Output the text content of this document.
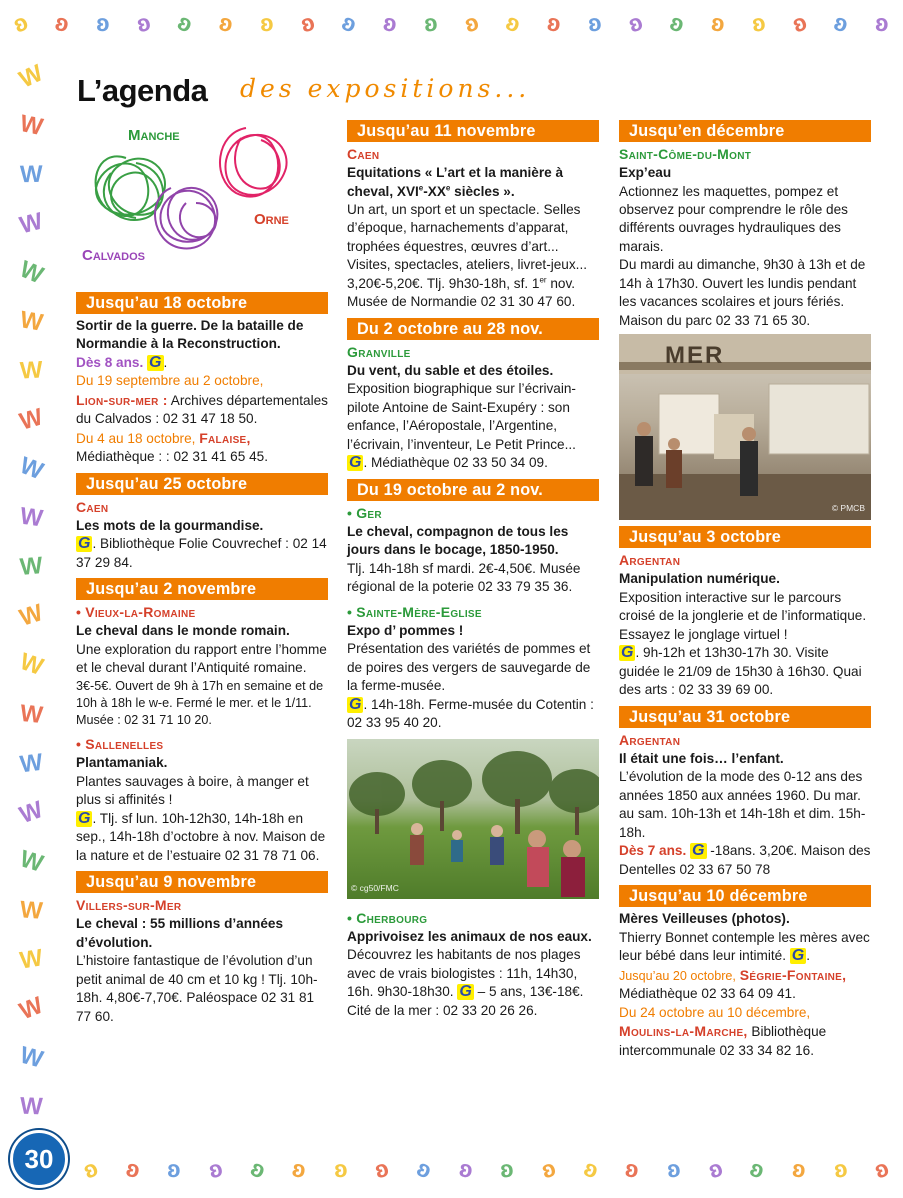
ʚ ʚ ʚ ʚ ʚ ʚ ʚ ʚ ʚ ʚ ʚ ʚ ʚ ʚ ʚ ʚ ʚ ʚ ʚ ʚ ʚ ʚ
ʚ ʚ ʚ ʚ ʚ ʚ ʚ ʚ ʚ ʚ ʚ ʚ ʚ ʚ ʚ ʚ ʚ ʚ ʚ ʚ
W
W
W
W
W
W
W
W
W
W
W
W
W
W
W
W
W
W
W
W
W
W
L’agenda des expositions...
Manche
Orne
Calvados
Jusqu’au 18 octobre
Sortir de la guerre. De la bataille de Normandie à la Reconstruction.
Dès 8 ans. G .
Du 19 septembre au 2 octobre,
Lion-sur-mer : Archives départementales du Calvados : 02 31 47 18 50.
Du 4 au 18 octobre, Falaise,
Médiathèque : : 02 31 41 65 45.
Jusqu’au 25 octobre
Caen
Les mots de la gourmandise.
G . Bibliothèque Folie Couvrechef : 02 14 37 29 84.
Jusqu’au 2 novembre
• Vieux-la-Romaine
Le cheval dans le monde romain.
Une exploration du rapport entre l’homme et le cheval durant l’Antiquité romaine.
3€-5€. Ouvert de 9h à 17h en semaine et de 10h à 18h le w-e. Fermé le mer. et le 1/11. Musée : 02 31 71 10 20.
• Sallenelles
Plantamaniak.
Plantes sauvages à boire, à manger et plus si affinités !
G . Tlj. sf lun. 10h-12h30, 14h-18h en sep., 14h-18h d’octobre à nov. Maison de la nature et de l’estuaire 02 31 78 71 06.
Jusqu’au 9 novembre
Villers-sur-Mer
Le cheval : 55 millions d’années d’évolution.
L’histoire fantastique de l’évolution d’un petit animal de 40 cm et 10 kg ! Tlj. 10h-18h. 4,80€-7,70€. Paléospace 02 31 81 77 60.
Jusqu’au 11 novembre
Caen
Equitations « L’art et la manière à cheval, XVIe-XXe siècles ».
Un art, un sport et un spectacle. Selles d’époque, harnachements d’apparat, trophées équestres, œuvres d’art... Visites, spectacles, ateliers, livret-jeux...
3,20€-5,20€. Tlj. 9h30-18h, sf. 1er nov. Musée de Normandie 02 31 30 47 60.
Du 2 octobre au 28 nov.
Granville
Du vent, du sable et des étoiles.
Exposition biographique sur l’écrivain-pilote Antoine de Saint-Exupéry : son enfance, l’Aéropostale, l’Argentine, l’écrivain, l’inventeur, Le Petit Prince...
G . Médiathèque 02 33 50 34 09.
Du 19 octobre au 2 nov.
• Ger
Le cheval, compagnon de tous les jours dans le bocage, 1850-1950.
Tlj. 14h-18h sf mardi. 2€-4,50€. Musée régional de la poterie 02 33 79 35 36.
• Sainte-Mère-Eglise
Expo d’ pommes !
Présentation des variétés de pommes et de poires des vergers de sauvegarde de la ferme-musée.
G . 14h-18h. Ferme-musée du Cotentin : 02 33 95 40 20.
© cg50/FMC
• Cherbourg
Apprivoisez les animaux de nos eaux.
Découvrez les habitants de nos plages avec de vrais biologistes : 11h, 14h30, 16h. 9h30-18h30. G – 5 ans, 13€-18€. Cité de la mer : 02 33 20 26 26.
Jusqu’en décembre
Saint-Côme-du-Mont
Exp’eau
Actionnez les maquettes, pompez et observez pour comprendre le rôle des différents ouvrages hydrauliques des marais.
Du mardi au dimanche, 9h30 à 13h et de 14h à 17h30. Ouvert les lundis pendant les vacances scolaires et jours fériés. Maison du parc 02 33 71 65 30.
MER
© PMCB
Jusqu’au 3 octobre
Argentan
Manipulation numérique.
Exposition interactive sur le parcours croisé de la jonglerie et de l’informatique. Essayez le jonglage virtuel !
G . 9h-12h et 13h30-17h 30. Visite guidée le 21/09 de 15h30 à 16h30. Quai des arts : 02 33 39 69 00.
Jusqu’au 31 octobre
Argentan
Il était une fois… l’enfant.
L’évolution de la mode des 0-12 ans des années 1850 aux années 1960. Du mar. au sam. 10h-13h et 14h-18h et dim. 15h-18h.
Dès 7 ans. G -18ans. 3,20€. Maison des Dentelles 02 33 67 50 78
Jusqu’au 10 décembre
Mères Veilleuses (photos).
Thierry Bonnet contemple les mères avec leur bébé dans leur intimité. G .
Jusqu’au 20 octobre, Ségrie-Fontaine,
Médiathèque 02 33 64 09 41.
Du 24 octobre au 10 décembre,
Moulins-la-Marche, Bibliothèque intercommunale 02 33 34 82 16.
30
